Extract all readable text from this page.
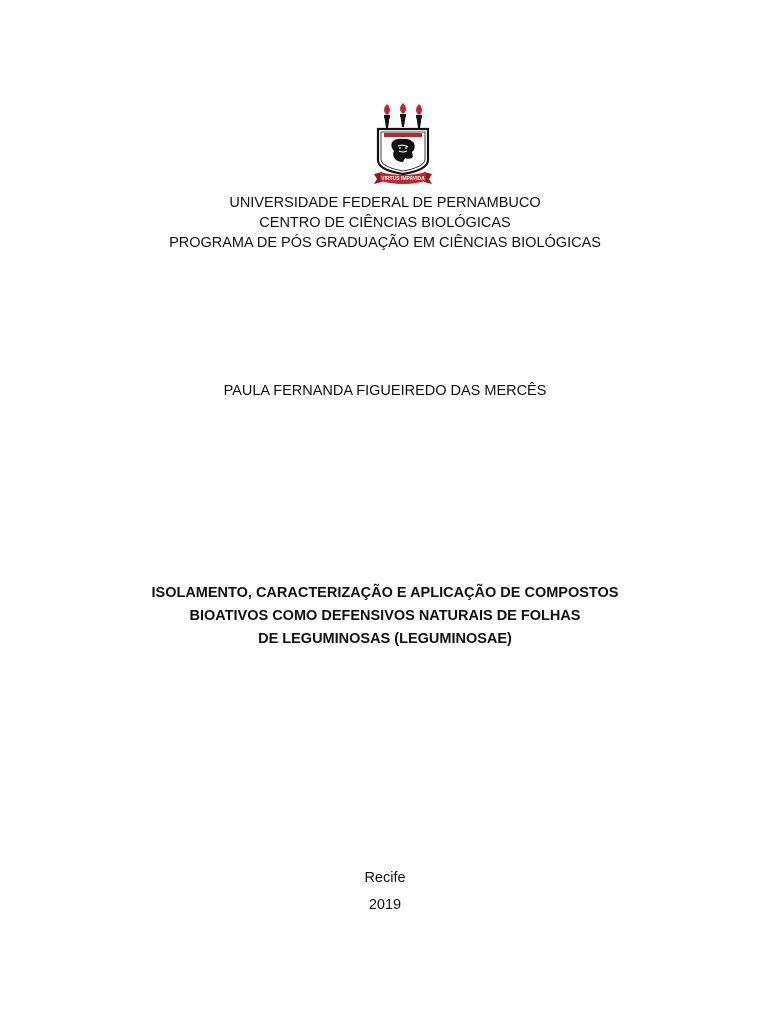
VIRTUS IMPAVIDA
UNIVERSIDADE FEDERAL DE PERNAMBUCO
CENTRO DE CIÊNCIAS BIOLÓGICAS
PROGRAMA DE PÓS GRADUAÇÃO EM CIÊNCIAS BIOLÓGICAS
PAULA FERNANDA FIGUEIREDO DAS MERCÊS
ISOLAMENTO, CARACTERIZAÇÃO E APLICAÇÃO DE COMPOSTOS
BIOATIVOS COMO DEFENSIVOS NATURAIS DE FOLHAS
DE LEGUMINOSAS (LEGUMINOSAE)
Recife
2019
